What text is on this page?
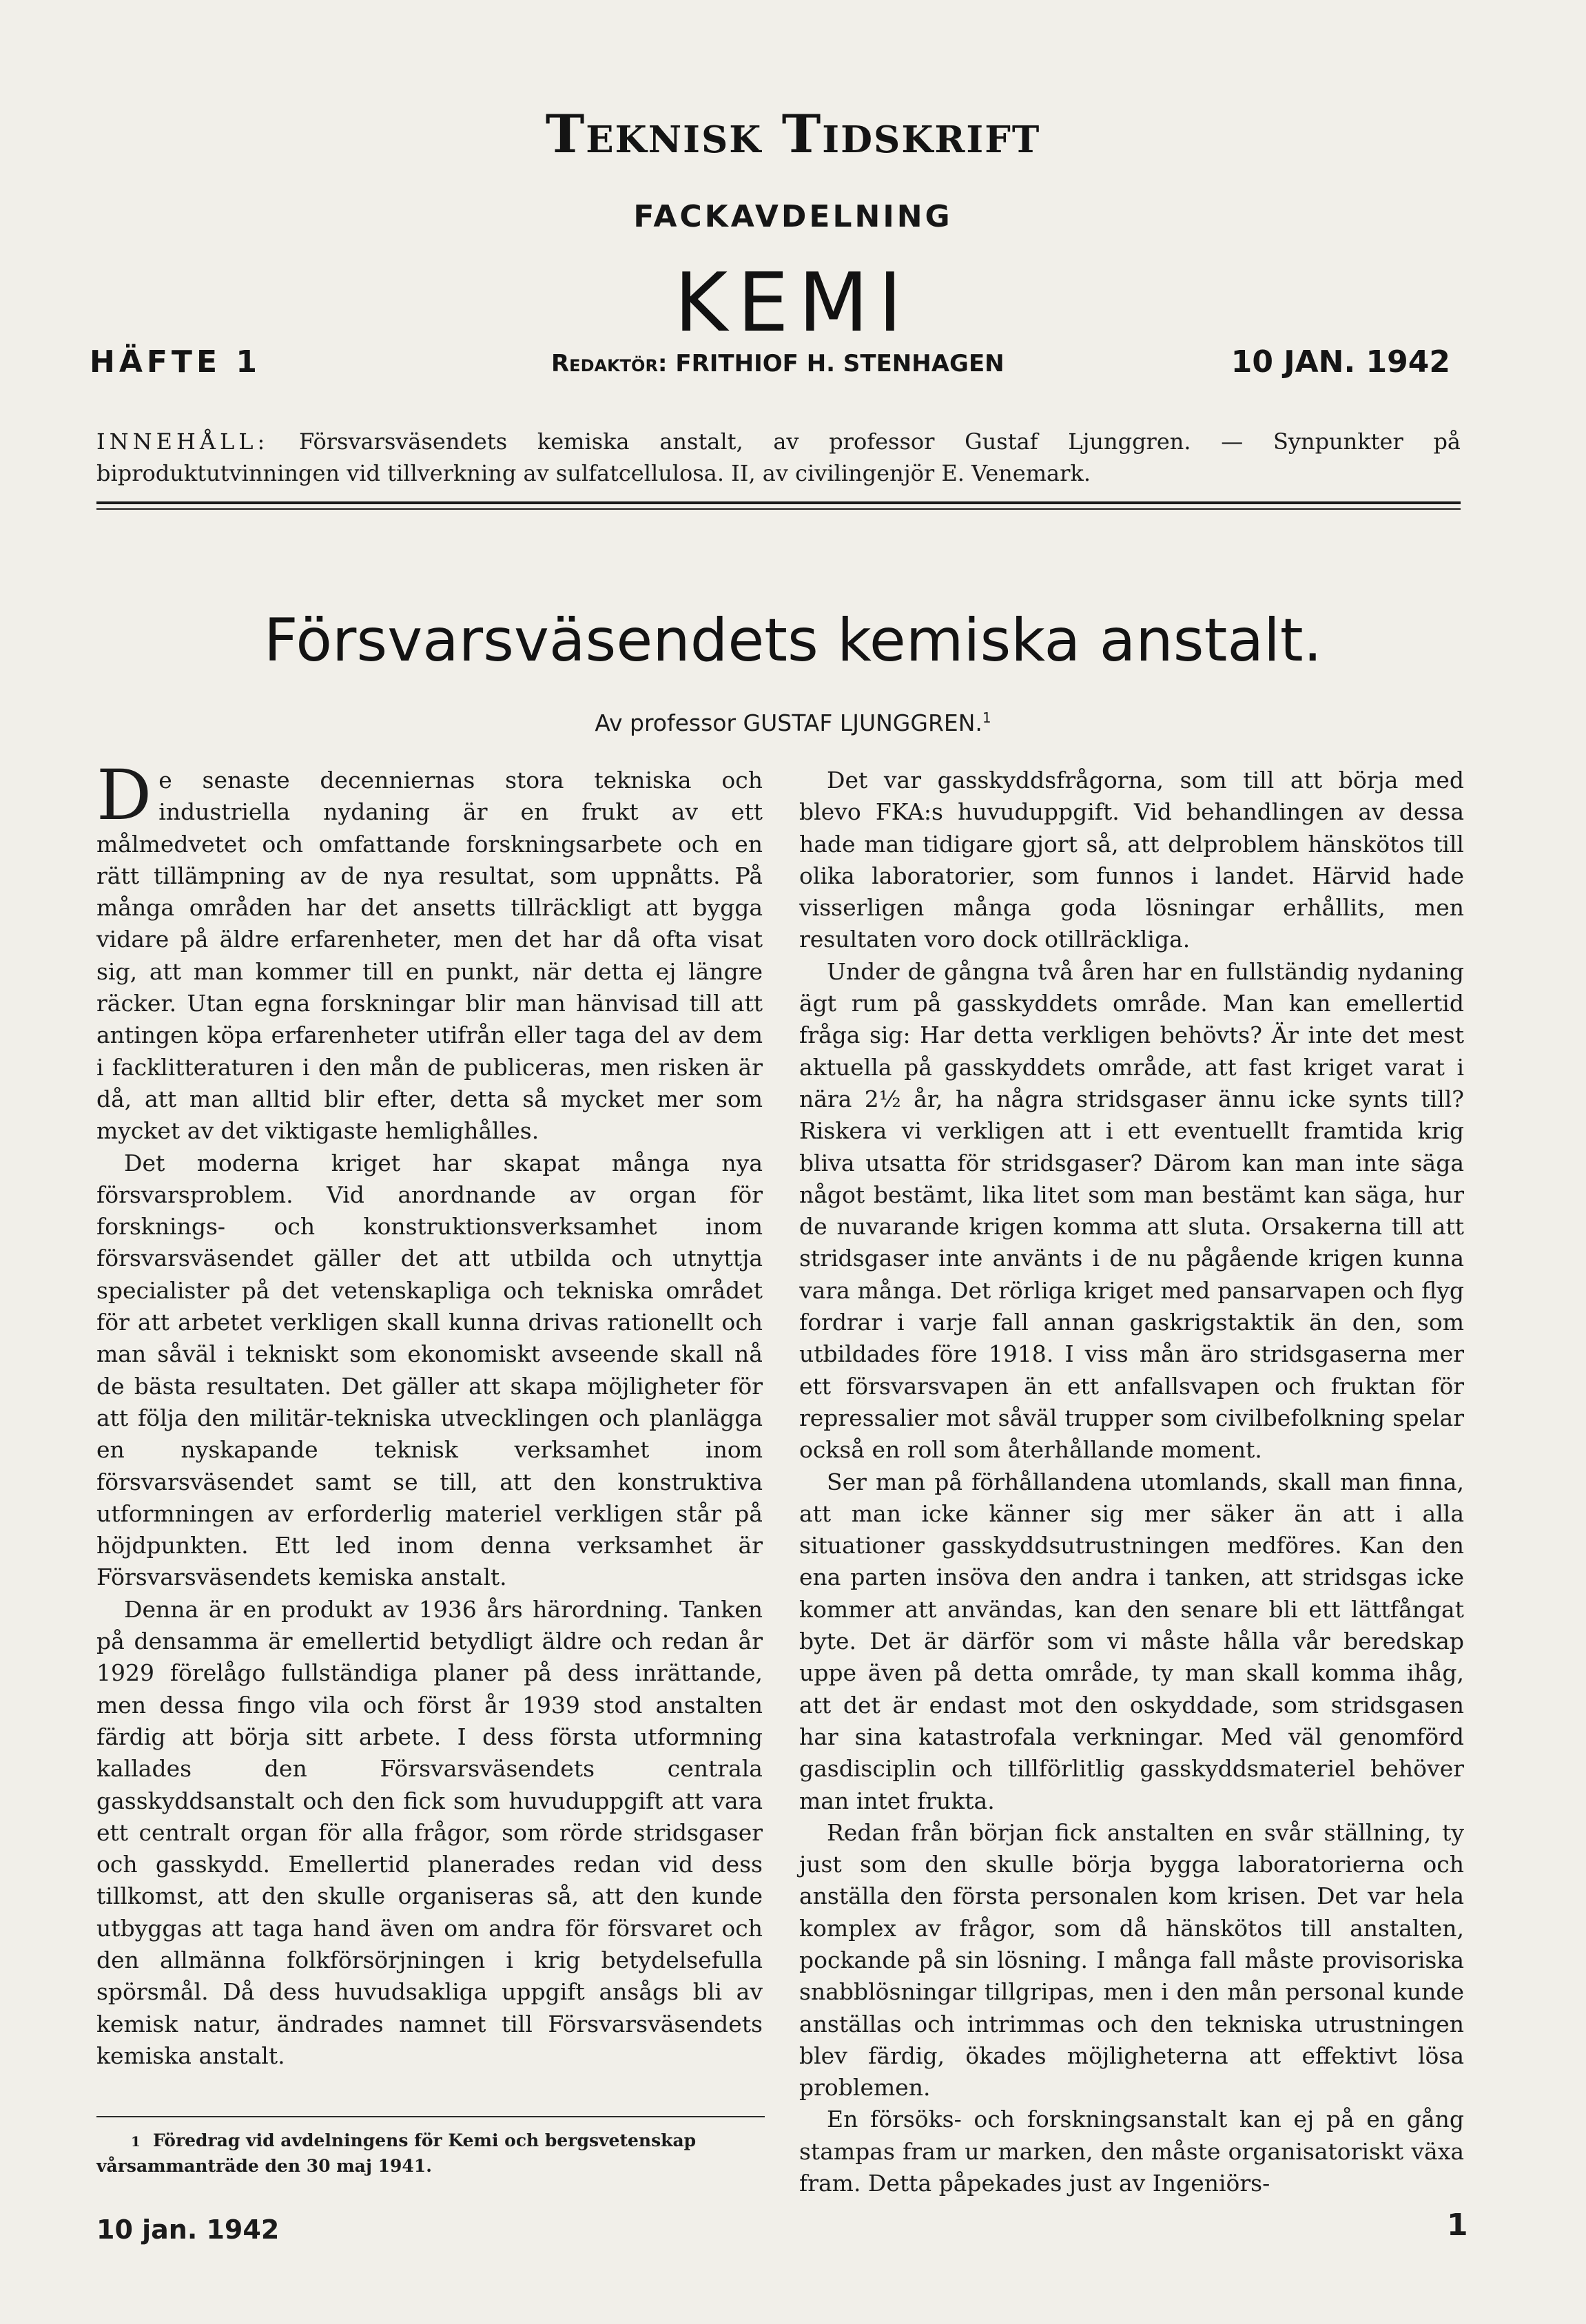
Teknisk Tidskrift
FACKAVDELNING
KEMI
HÄFTE 1	Redaktör: FRITHIOF H. STENHAGEN	10 JAN. 1942
INNEHÅLL: Försvarsväsendets kemiska anstalt, av professor Gustaf Ljunggren. — Synpunkter på biproduktutvinningen vid tillverkning av sulfatcellulosa. II, av civilingenjör E. Venemark.
Försvarsväsendets kemiska anstalt.
Av professor GUSTAF LJUNGGREN.$^1$

De senaste decenniernas stora tekniska och industriella nydaning är en frukt av ett målmedvetet och omfattande forskningsarbete och en rätt tillämpning av de nya resultat, som uppnåtts. På många områden har det ansetts tillräckligt att bygga vidare på äldre erfarenheter, men det har då ofta visat sig, att man kommer till en punkt, när detta ej längre räcker. Utan egna forskningar blir man hänvisad till att antingen köpa erfarenheter utifrån eller taga del av dem i facklitteraturen i den mån de publiceras, men risken är då, att man alltid blir efter, detta så mycket mer som mycket av det viktigaste hemlighålles.

Det moderna kriget har skapat många nya försvarsproblem. Vid anordnande av organ för forsknings- och konstruktionsverksamhet inom försvarsväsendet gäller det att utbilda och utnyttja specialister på det vetenskapliga och tekniska området för att arbetet verkligen skall kunna drivas rationellt och man såväl i tekniskt som ekonomiskt avseende skall nå de bästa resultaten. Det gäller att skapa möjligheter för att följa den militär-tekniska utvecklingen och planlägga en nyskapande teknisk verksamhet inom försvarsväsendet samt se till, att den konstruktiva utformningen av erforderlig materiel verkligen står på höjdpunkten. Ett led inom denna verksamhet är Försvarsväsendets kemiska anstalt.

Denna är en produkt av 1936 års härordning. Tanken på densamma är emellertid betydligt äldre och redan år 1929 förelågo fullständiga planer på dess inrättande, men dessa fingo vila och först år 1939 stod anstalten färdig att börja sitt arbete. I dess första utformning kallades den Försvarsväsendets centrala gasskyddsanstalt och den fick som huvuduppgift att vara ett centralt organ för alla frågor, som rörde stridsgaser och gasskydd. Emellertid planerades redan vid dess tillkomst, att den skulle organiseras så, att den kunde utbyggas att taga hand även om andra för försvaret och den allmänna folkförsörjningen i krig betydelsefulla spörsmål. Då dess huvudsakliga uppgift ansågs bli av kemisk natur, ändrades namnet till Försvarsväsendets kemiska anstalt.

Det var gasskyddsfrågorna, som till att börja med blevo FKA:s huvuduppgift. Vid behandlingen av dessa hade man tidigare gjort så, att delproblem hänskötos till olika laboratorier, som funnos i landet. Härvid hade visserligen många goda lösningar erhållits, men resultaten voro dock otillräckliga.

Under de gångna två åren har en fullständig nydaning ägt rum på gasskyddets område. Man kan emellertid fråga sig: Har detta verkligen behövts? Är inte det mest aktuella på gasskyddets område, att fast kriget varat i nära 2½ år, ha några stridsgaser ännu icke synts till? Riskera vi verkligen att i ett eventuellt framtida krig bliva utsatta för stridsgaser? Därom kan man inte säga något bestämt, lika litet som man bestämt kan säga, hur de nuvarande krigen komma att sluta. Orsakerna till att stridsgaser inte använts i de nu pågående krigen kunna vara många. Det rörliga kriget med pansarvapen och flyg fordrar i varje fall annan gaskrigstaktik än den, som utbildades före 1918. I viss mån äro stridsgaserna mer ett försvarsvapen än ett anfallsvapen och fruktan för repressalier mot såväl trupper som civilbefolkning spelar också en roll som återhållande moment.

Ser man på förhållandena utomlands, skall man finna, att man icke känner sig mer säker än att i alla situationer gasskyddsutrustningen medföres. Kan den ena parten insöva den andra i tanken, att stridsgas icke kommer att användas, kan den senare bli ett lättfångat byte. Det är därför som vi måste hålla vår beredskap uppe även på detta område, ty man skall komma ihåg, att det är endast mot den oskyddade, som stridsgasen har sina katastrofala verkningar. Med väl genomförd gasdisciplin och tillförlitlig gasskyddsmateriel behöver man intet frukta.

Redan från början fick anstalten en svår ställning, ty just som den skulle börja bygga laboratorierna och anställa den första personalen kom krisen. Det var hela komplex av frågor, som då hänskötos till anstalten, pockande på sin lösning. I många fall måste provisoriska snabblösningar tillgripas, men i den mån personal kunde anställas och intrimmas och den tekniska utrustningen blev färdig, ökades möjligheterna att effektivt lösa problemen.

En försöks- och forskningsanstalt kan ej på en gång stampas fram ur marken, den måste organisatoriskt växa fram. Detta påpekades just av Ingeniörs-

1 Föredrag vid avdelningens för Kemi och bergsvetenskap vårsammanträde den 30 maj 1941.
10 jan. 1942	1
